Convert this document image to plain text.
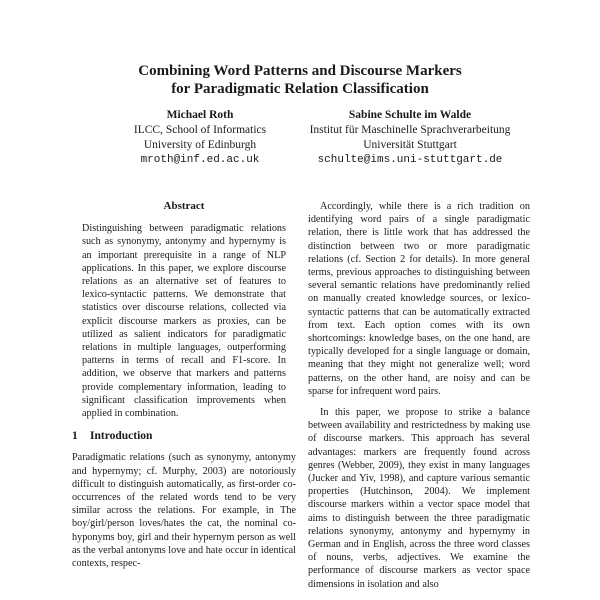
Combining Word Patterns and Discourse Markers
for Paradigmatic Relation Classification
Michael Roth
ILCC, School of Informatics
University of Edinburgh
mroth@inf.ed.ac.uk
Sabine Schulte im Walde
Institut für Maschinelle Sprachverarbeitung
Universität Stuttgart
schulte@ims.uni-stuttgart.de
Abstract
Distinguishing between paradigmatic relations such as synonymy, antonymy and hypernymy is an important prerequisite in a range of NLP applications. In this paper, we explore discourse relations as an alternative set of features to lexico-syntactic patterns. We demonstrate that statistics over discourse relations, collected via explicit discourse markers as proxies, can be utilized as salient indicators for paradigmatic relations in multiple languages, outperforming patterns in terms of recall and F1-score. In addition, we observe that markers and patterns provide complementary information, leading to significant classification improvements when applied in combination.
1 Introduction

Paradigmatic relations (such as synonymy, antonymy and hypernymy; cf. Murphy, 2003) are notoriously difficult to distinguish automatically, as first-order co-occurrences of the related words tend to be very similar across the relations. For example, in The boy/girl/person loves/hates the cat, the nominal co-hyponyms boy, girl and their hypernym person as well as the verbal antonyms love and hate occur in identical contexts, respec-

Accordingly, while there is a rich tradition on identifying word pairs of a single paradigmatic relation, there is little work that has addressed the distinction between two or more paradigmatic relations (cf. Section 2 for details). In more general terms, previous approaches to distinguishing between several semantic relations have predominantly relied on manually created knowledge sources, or lexico-syntactic patterns that can be automatically extracted from text. Each option comes with its own shortcomings: knowledge bases, on the one hand, are typically developed for a single language or domain, meaning that they might not generalize well; word patterns, on the other hand, are noisy and can be sparse for infrequent word pairs.

In this paper, we propose to strike a balance between availability and restrictedness by making use of discourse markers. This approach has several advantages: markers are frequently found across genres (Webber, 2009), they exist in many languages (Jucker and Yiv, 1998), and capture various semantic properties (Hutchinson, 2004). We implement discourse markers within a vector space model that aims to distinguish between the three paradigmatic relations synonymy, antonymy and hypernymy in German and in English, across the three word classes of nouns, verbs, adjectives. We examine the performance of discourse markers as vector space dimensions in isolation and also
